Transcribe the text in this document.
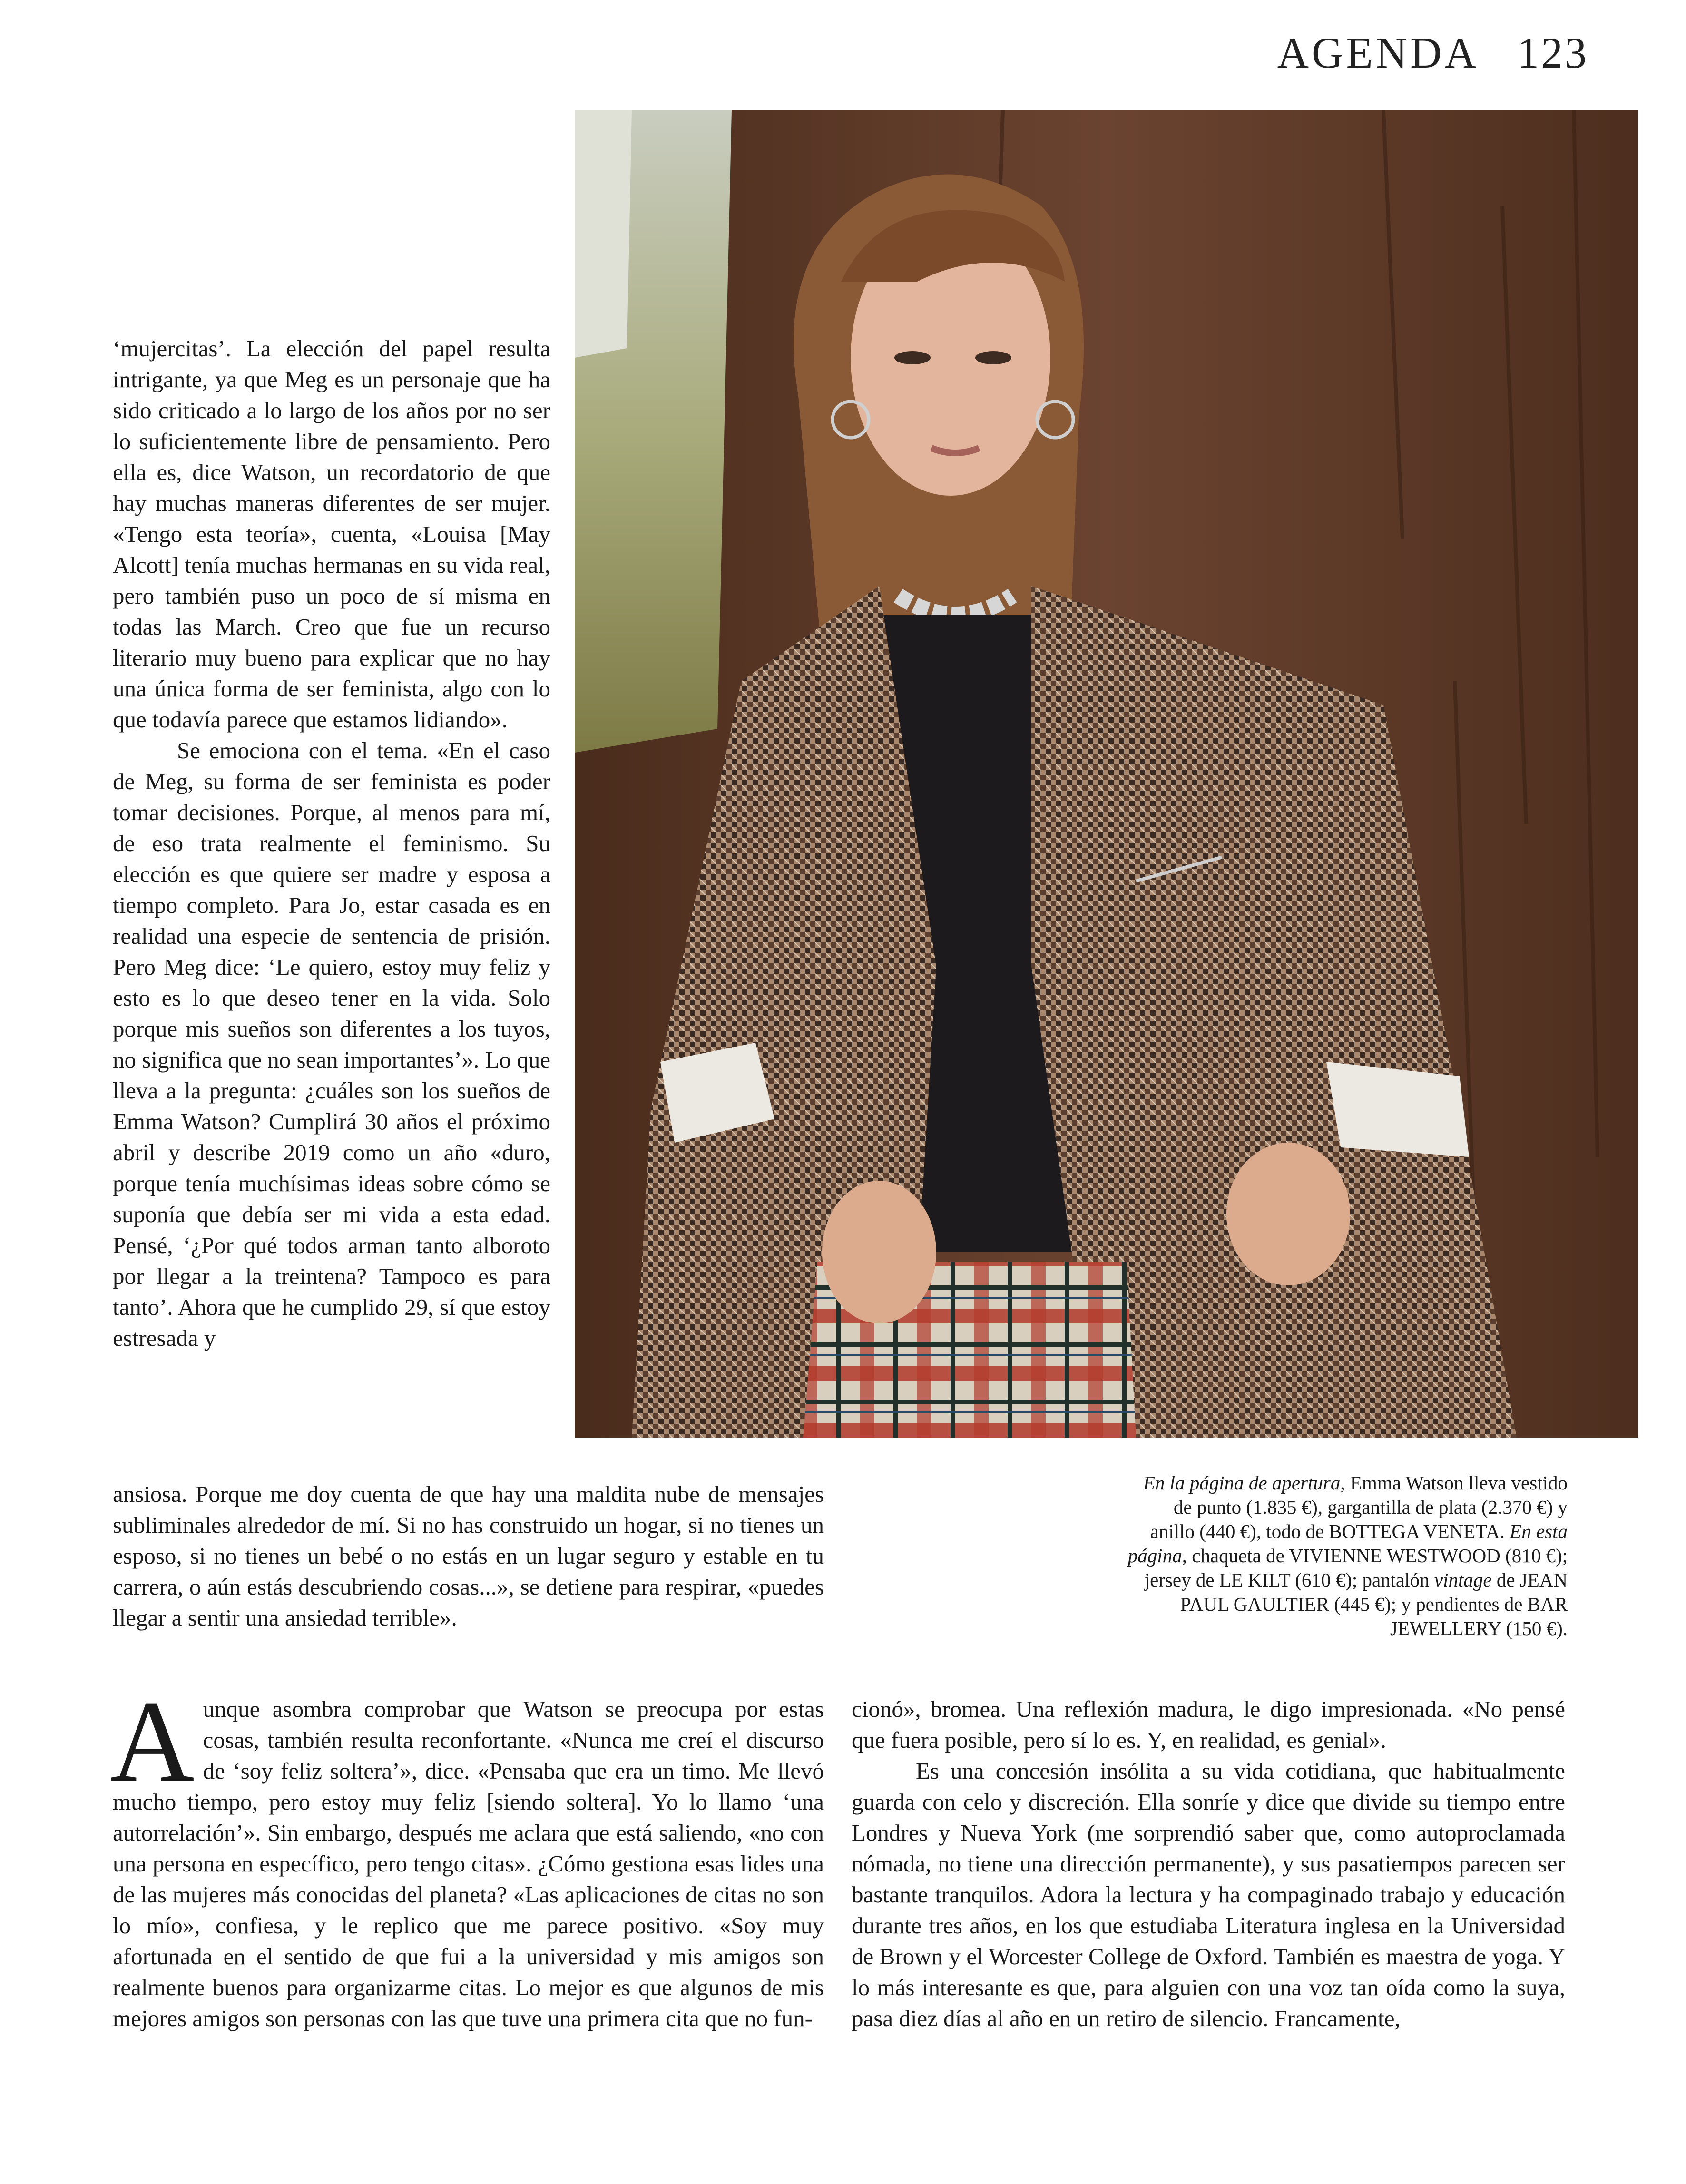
AGENDA 123

‘mujercitas’. La elección del papel resulta intrigante, ya que Meg es un personaje que ha sido criticado a lo largo de los años por no ser lo suficientemente libre de pensamiento. Pero ella es, dice Watson, un recordatorio de que hay muchas maneras diferentes de ser mujer. «Tengo esta teoría», cuenta, «Louisa [May Alcott] tenía muchas hermanas en su vida real, pero también puso un poco de sí misma en todas las March. Creo que fue un recurso literario muy bueno para explicar que no hay una única forma de ser feminista, algo con lo que todavía parece que estamos lidiando».

Se emociona con el tema. «En el caso de Meg, su forma de ser feminista es poder tomar decisiones. Porque, al menos para mí, de eso trata realmente el feminismo. Su elección es que quiere ser madre y esposa a tiempo completo. Para Jo, estar casada es en realidad una especie de sentencia de prisión. Pero Meg dice: ‘Le quiero, estoy muy feliz y esto es lo que deseo tener en la vida. Solo porque mis sueños son diferentes a los tuyos, no significa que no sean importantes’». Lo que lleva a la pregunta: ¿cuáles son los sueños de Emma Watson? Cumplirá 30 años el próximo abril y describe 2019 como un año «duro, porque tenía muchísimas ideas sobre cómo se suponía que debía ser mi vida a esta edad. Pensé, ‘¿Por qué todos arman tanto alboroto por llegar a la treintena? Tampoco es para tanto’. Ahora que he cumplido 29, sí que estoy estresada y

ansiosa. Porque me doy cuenta de que hay una maldita nube de mensajes subliminales alrededor de mí. Si no has construido un hogar, si no tienes un esposo, si no tienes un bebé o no estás en un lugar seguro y estable en tu carrera, o aún estás descubriendo cosas...», se detiene para respirar, «puedes llegar a sentir una ansiedad terrible».

En la página de apertura, Emma Watson lleva vestido de punto (1.835 €), gargantilla de plata (2.370 €) y anillo (440 €), todo de BOTTEGA VENETA. En esta página, chaqueta de VIVIENNE WESTWOOD (810 €); jersey de LE KILT (610 €); pantalón vintage de JEAN PAUL GAULTIER (445 €); y pendientes de BAR JEWELLERY (150 €).

Aunque asombra comprobar que Watson se preocupa por estas cosas, también resulta reconfortante. «Nunca me creí el discurso de ‘soy feliz soltera’», dice. «Pensaba que era un timo. Me llevó mucho tiempo, pero estoy muy feliz [siendo soltera]. Yo lo llamo ‘una autorrelación’». Sin embargo, después me aclara que está saliendo, «no con una persona en específico, pero tengo citas». ¿Cómo gestiona esas lides una de las mujeres más conocidas del planeta? «Las aplicaciones de citas no son lo mío», confiesa, y le replico que me parece positivo. «Soy muy afortunada en el sentido de que fui a la universidad y mis amigos son realmente buenos para organizarme citas. Lo mejor es que algunos de mis mejores amigos son personas con las que tuve una primera cita que no fun-

cionó», bromea. Una reflexión madura, le digo impresionada. «No pensé que fuera posible, pero sí lo es. Y, en realidad, es genial».

Es una concesión insólita a su vida cotidiana, que habitualmente guarda con celo y discreción. Ella sonríe y dice que divide su tiempo entre Londres y Nueva York (me sorprendió saber que, como autoproclamada nómada, no tiene una dirección permanente), y sus pasatiempos parecen ser bastante tranquilos. Adora la lectura y ha compaginado trabajo y educación durante tres años, en los que estudiaba Literatura inglesa en la Universidad de Brown y el Worcester College de Oxford. También es maestra de yoga. Y lo más interesante es que, para alguien con una voz tan oída como la suya, pasa diez días al año en un retiro de silencio. Francamente,
